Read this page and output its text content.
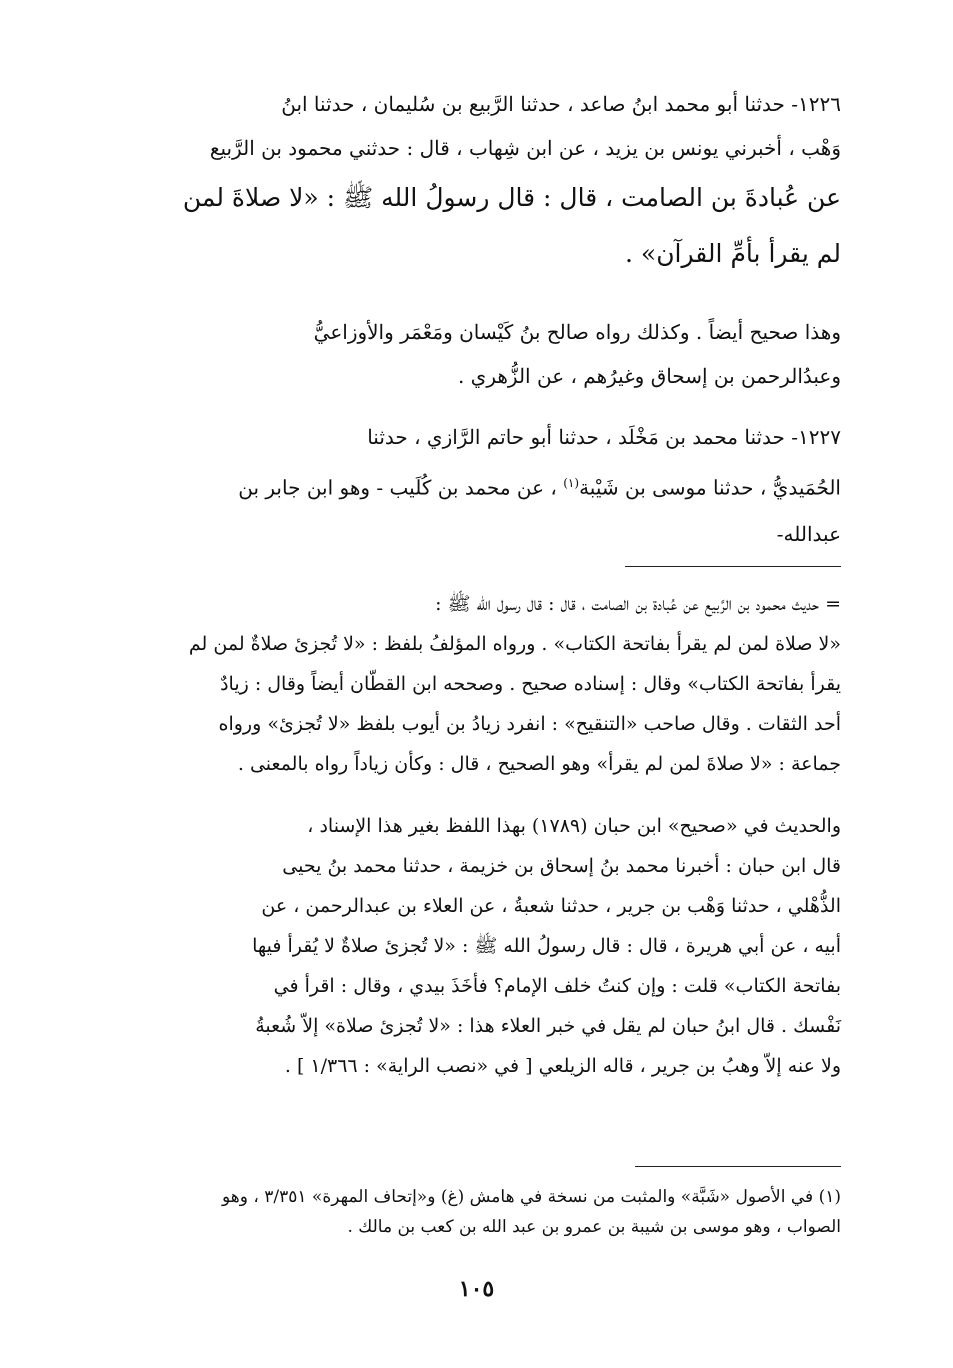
١٢٢٦- حدثنا أبو محمد ابنُ صاعد ، حدثنا الرَّبيع بن سُليمان ، حدثنا ابنُ
وَهْب ، أخبرني يونس بن يزيد ، عن ابن شِهاب ، قال : حدثني محمود بن الرَّبيع
عن عُبادةَ بن الصامت ، قال : قال رسولُ الله ﷺ : «لا صلاةَ لمن
لم يقرأ بأمِّ القرآن» .
وهذا صحيح أيضاً . وكذلك رواه صالح بنُ كَيْسان ومَعْمَر والأوزاعيُّ
وعبدُالرحمن بن إسحاق وغيرُهم ، عن الزُّهري .
١٢٢٧- حدثنا محمد بن مَخْلَد ، حدثنا أبو حاتم الرَّازي ، حدثنا
الحُمَيديُّ ، حدثنا موسى بن شَيْبة$^{(١)}$ ، عن محمد بن كُلَيب - وهو ابن جابر بن
عبدالله-
= حديث محمود بن الرَّبيع عن عُبادة بن الصامت ، قال : قال رسول الله ﷺ :
«لا صلاة لمن لم يقرأ بفاتحة الكتاب» . ورواه المؤلفُ بلفظ : «لا تُجزئ صلاةٌ لمن لم
يقرأ بفاتحة الكتاب» وقال : إسناده صحيح . وصححه ابن القطّان أيضاً وقال : زيادٌ
أحد الثقات . وقال صاحب «التنقيح» : انفرد زيادُ بن أيوب بلفظ «لا تُجزئ» ورواه
جماعة : «لا صلاةَ لمن لم يقرأ» وهو الصحيح ، قال : وكأن زياداً رواه بالمعنى .
والحديث في «صحيح» ابن حبان (١٧٨٩) بهذا اللفظ بغير هذا الإسناد ،
قال ابن حبان : أخبرنا محمد بنُ إسحاق بن خزيمة ، حدثنا محمد بنُ يحيى
الذُّهْلي ، حدثنا وَهْب بن جرير ، حدثنا شعبةُ ، عن العلاء بن عبدالرحمن ، عن
أبيه ، عن أبي هريرة ، قال : قال رسولُ الله ﷺ : «لا تُجزئ صلاةٌ لا يُقرأ فيها
بفاتحة الكتاب» قلت : وإن كنتُ خلف الإمام؟ فأخَذَ بيدي ، وقال : اقرأ في
نَفْسك . قال ابنُ حبان لم يقل في خبر العلاء هذا : «لا تُجزئ صلاة» إلاّ شُعبةُ
ولا عنه إلاّ وهبُ بن جرير ، قاله الزيلعي [ في «نصب الراية» : ١/٣٦٦ ] .
(١) في الأصول «شَبَّة» والمثبت من نسخة في هامش (غ) و«إتحاف المهرة» ٣/٣٥١ ، وهو
الصواب ، وهو موسى بن شيبة بن عمرو بن عبد الله بن كعب بن مالك .
١٠٥
